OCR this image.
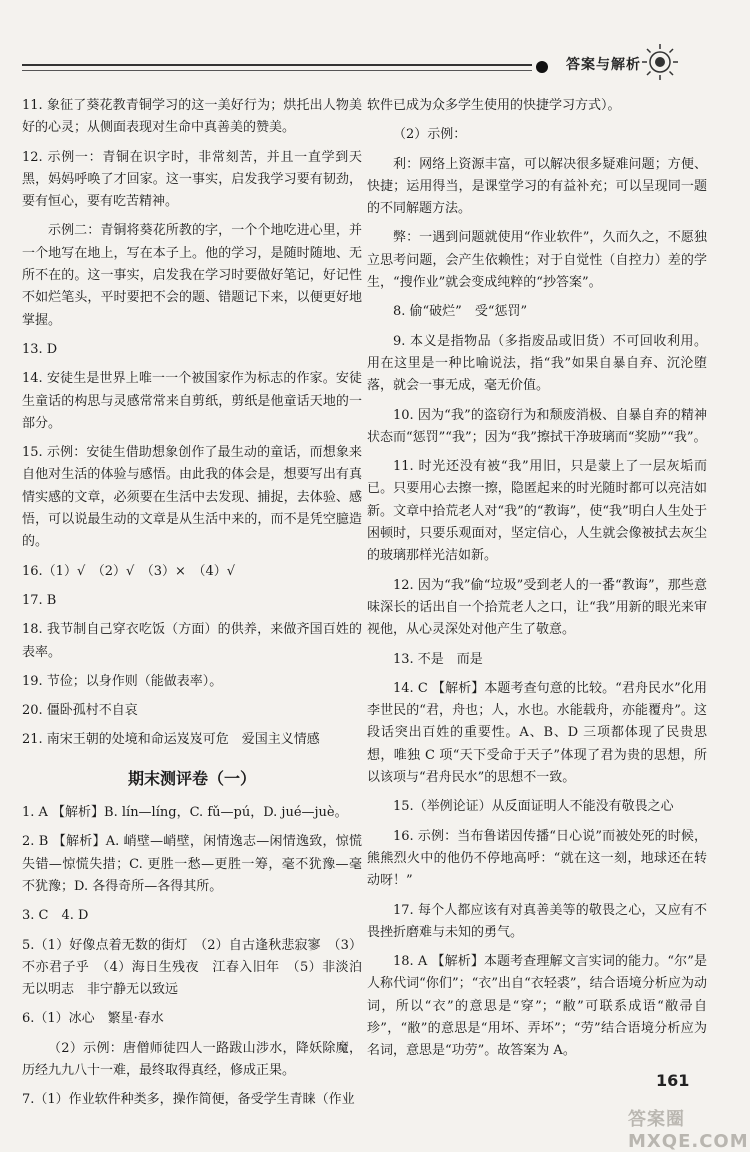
答案与解析

11. 象征了葵花教青铜学习的这一美好行为；烘托出人物美好的心灵；从侧面表现对生命中真善美的赞美。

12. 示例一：青铜在识字时，非常刻苦，并且一直学到天黑，妈妈呼唤了才回家。这一事实，启发我学习要有韧劲，要有恒心，要有吃苦精神。

示例二：青铜将葵花所教的字，一个个地吃进心里，并一个地写在地上，写在本子上。他的学习，是随时随地、无所不在的。这一事实，启发我在学习时要做好笔记，好记性不如烂笔头，平时要把不会的题、错题记下来，以便更好地掌握。

13. D

14. 安徒生是世界上唯一一个被国家作为标志的作家。安徒生童话的构思与灵感常常来自剪纸，剪纸是他童话天地的一部分。

15. 示例：安徒生借助想象创作了最生动的童话，而想象来自他对生活的体验与感悟。由此我的体会是，想要写出有真情实感的文章，必须要在生活中去发现、捕捉，去体验、感悟，可以说最生动的文章是从生活中来的，而不是凭空臆造的。

16.（1）√　（2）√　（3）×　（4）√

17. B

18. 我节制自己穿衣吃饭（方面）的供养，来做齐国百姓的表率。

19. 节俭；以身作则（能做表率）。

20. 僵卧孤村不自哀

21. 南宋王朝的处境和命运岌岌可危　爱国主义情感

期末测评卷（一）

1. A 【解析】B. lín—líng，C. fǔ—pú，D. jué—juè。

2. B 【解析】A. 峭壁—峭壁，闲情逸志—闲情逸致，惊慌失错—惊慌失措；C. 更胜一愁—更胜一筹，毫不犹豫—毫不犹豫；D. 各得奇所—各得其所。

3. C　4. D

5.（1）好像点着无数的街灯　（2）自古逢秋悲寂寥　（3）不亦君子乎　（4）海日生残夜　江春入旧年　（5）非淡泊无以明志　非宁静无以致远

6.（1）冰心　繁星·春水

（2）示例：唐僧师徒四人一路跋山涉水，降妖除魔，历经九九八十一难，最终取得真经，修成正果。

7.（1）作业软件种类多，操作简便，备受学生青睐（作业

软件已成为众多学生使用的快捷学习方式）。

（2）示例：

利：网络上资源丰富，可以解决很多疑难问题；方便、快捷；运用得当，是课堂学习的有益补充；可以呈现同一题的不同解题方法。

弊：一遇到问题就使用“作业软件”，久而久之，不愿独立思考问题，会产生依赖性；对于自觉性（自控力）差的学生，“搜作业”就会变成纯粹的“抄答案”。

8. 偷“破烂”　受“惩罚”

9. 本义是指物品（多指废品或旧货）不可回收利用。用在这里是一种比喻说法，指“我”如果自暴自弃、沉沦堕落，就会一事无成，毫无价值。

10. 因为“我”的盗窃行为和颓废消极、自暴自弃的精神状态而“惩罚”“我”；因为“我”擦拭干净玻璃而“奖励”“我”。

11. 时光还没有被“我”用旧，只是蒙上了一层灰垢而已。只要用心去擦一擦，隐匿起来的时光随时都可以亮洁如新。文章中拾荒老人对“我”的“教诲”，使“我”明白人生处于困顿时，只要乐观面对，坚定信心，人生就会像被拭去灰尘的玻璃那样光洁如新。

12. 因为“我”偷“垃圾”受到老人的一番“教诲”，那些意味深长的话出自一个拾荒老人之口，让“我”用新的眼光来审视他，从心灵深处对他产生了敬意。

13. 不是　而是

14. C 【解析】本题考查句意的比较。“君舟民水”化用李世民的“君，舟也；人，水也。水能载舟，亦能覆舟”。这段话突出百姓的重要性。A、B、D 三项都体现了民贵思想，唯独 C 项“天下受命于天子”体现了君为贵的思想，所以该项与“君舟民水”的思想不一致。

15.（举例论证）从反面证明人不能没有敬畏之心

16. 示例：当布鲁诺因传播“日心说”而被处死的时候，熊熊烈火中的他仍不停地高呼：“就在这一刻，地球还在转动呀！”

17. 每个人都应该有对真善美等的敬畏之心，又应有不畏挫折磨难与未知的勇气。

18. A 【解析】本题考查理解文言实词的能力。“尔”是人称代词“你们”；“衣”出自“衣轻裘”，结合语境分析应为动词，所以“衣”的意思是“穿”；“敝”可联系成语“敝帚自珍”，“敝”的意思是“用坏、弄坏”；“劳”结合语境分析应为名词，意思是“功劳”。故答案为 A。

161
答案圈 MXQE.COM
